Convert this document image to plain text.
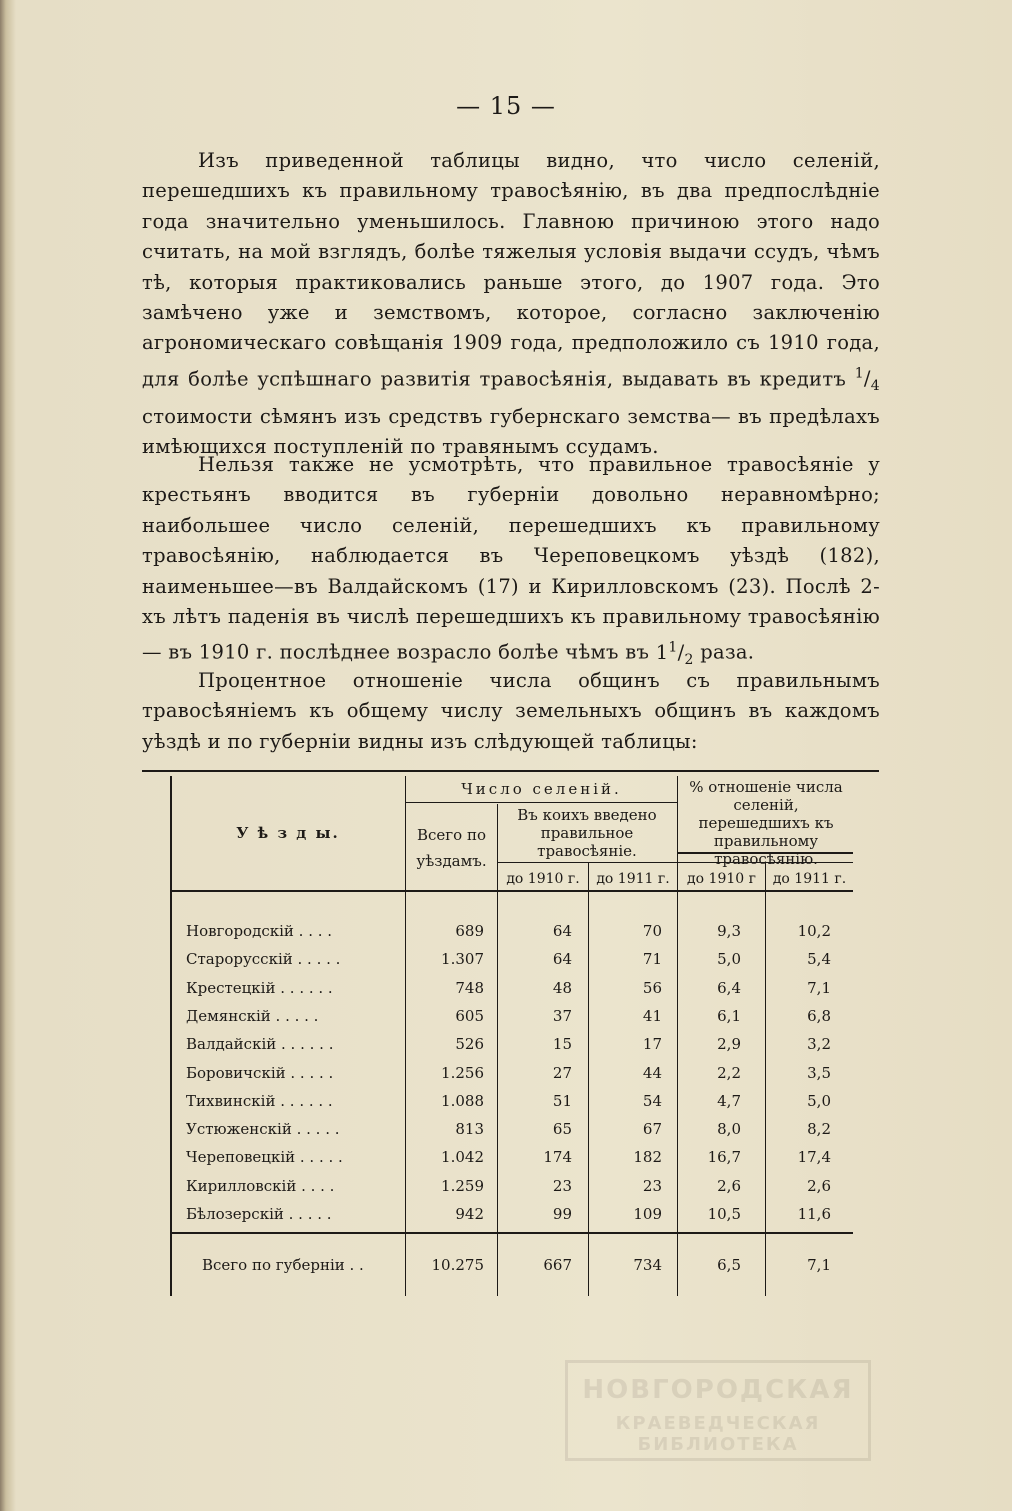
— 15 —

Изъ приведенной таблицы видно, что число селеній, перешедшихъ къ правильному травосѣянію, въ два предпослѣдніе года значительно уменьшилось. Главною причиною этого надо считать, на мой взглядъ, болѣе тяжелыя условія выдачи ссудъ, чѣмъ тѣ, которыя практиковались раньше этого, до 1907 года. Это замѣчено уже и земствомъ, которое, согласно заключенію агрономическаго совѣщанія 1909 года, предположило съ 1910 года, для болѣе успѣшнаго развитія травосѣянія, выдавать въ кредитъ $^1/_4$ стоимости сѣмянъ изъ средствъ губернскаго земства— въ предѣлахъ имѣющихся поступленій по травянымъ ссудамъ.

Нельзя также не усмотрѣть, что правильное травосѣяніе у крестьянъ вводится въ губерніи довольно неравномѣрно; наибольшее число селеній, перешедшихъ къ правильному травосѣянію, наблюдается въ Череповецкомъ уѣздѣ (182), наименьшее—въ Валдайскомъ (17) и Кирилловскомъ (23). Послѣ 2-хъ лѣтъ паденія въ числѣ перешедшихъ къ правильному травосѣянію— въ 1910 г. послѣднее возрасло болѣе чѣмъ въ $1^1/_2$ раза.

Процентное отношеніе числа общинъ съ правильнымъ травосѣяніемъ къ общему числу земельныхъ общинъ въ каждомъ уѣздѣ и по губерніи видны изъ слѣдующей таблицы:

У ѣ з д ы.
Число селеній.
Всего по уѣздамъ.
Въ коихъ введено правильное травосѣяніе.
% отношеніе числа селеній, перешедшихъ къ правильному травосѣянію.
до 1910 г.	до 1911 г.	до 1910 г	до 1911 г.
Новгородскій . . . .	689	64	70	9,3	10,2
Старорусскій . . . . .	1.307	64	71	5,0	5,4
Крестецкій . . . . . .	748	48	56	6,4	7,1
Демянскій . . . . .	605	37	41	6,1	6,8
Валдайскій . . . . . .	526	15	17	2,9	3,2
Боровичскій . . . . .	1.256	27	44	2,2	3,5
Тихвинскій . . . . . .	1.088	51	54	4,7	5,0
Устюженскій . . . . .	813	65	67	8,0	8,2
Череповецкій . . . . .	1.042	174	182	16,7	17,4
Кирилловскій . . . .	1.259	23	23	2,6	2,6
Бѣлозерскій . . . . .	942	99	109	10,5	11,6
Всего по губерніи . .	10.275	667	734	6,5	7,1
НОВГОРОДСКАЯ
КРАЕВЕДЧЕСКАЯ БИБЛИОТЕКА
